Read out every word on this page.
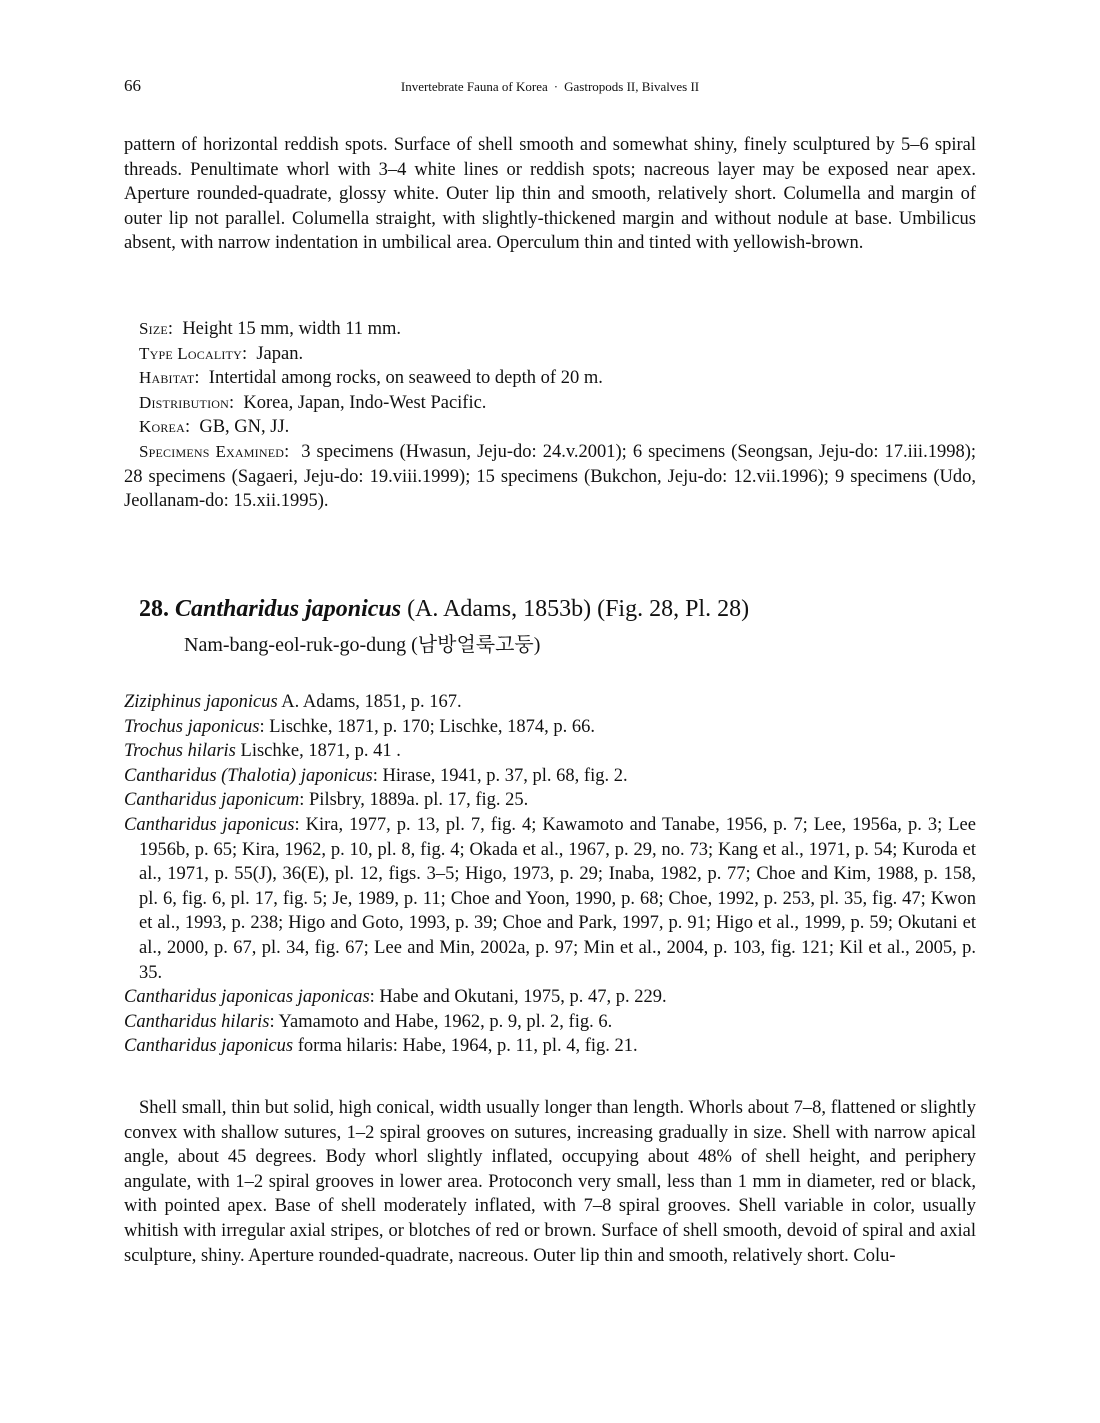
66	Invertebrate Fauna of Korea · Gastropods II, Bivalves II

pattern of horizontal reddish spots. Surface of shell smooth and somewhat shiny, finely sculptured by 5–6 spiral threads. Penultimate whorl with 3–4 white lines or reddish spots; nacreous layer may be exposed near apex. Aperture rounded-quadrate, glossy white. Outer lip thin and smooth, relatively short. Columella and margin of outer lip not parallel. Columella straight, with slightly-thickened margin and without nodule at base. Umbilicus absent, with narrow indentation in umbilical area. Operculum thin and tinted with yellowish-brown.

Size:  Height 15 mm, width 11 mm.

Type Locality:  Japan.

Habitat:  Intertidal among rocks, on seaweed to depth of 20 m.

Distribution:  Korea, Japan, Indo-West Pacific.

Korea:  GB, GN, JJ.

Specimens Examined:  3 specimens (Hwasun, Jeju-do: 24.v.2001); 6 specimens (Seongsan, Jeju-do: 17.iii.1998); 28 specimens (Sagaeri, Jeju-do: 19.viii.1999); 15 specimens (Bukchon, Jeju-do: 12.vii.1996); 9 specimens (Udo, Jeollanam-do: 15.xii.1995).

28. Cantharidus japonicus (A. Adams, 1853b) (Fig. 28, Pl. 28)
Nam-bang-eol-ruk-go-dung (남방얼룩고둥)
Ziziphinus japonicus A. Adams, 1851, p. 167.
Trochus japonicus: Lischke, 1871, p. 170; Lischke, 1874, p. 66.
Trochus hilaris Lischke, 1871, p. 41 .
Cantharidus (Thalotia) japonicus: Hirase, 1941, p. 37, pl. 68, fig. 2.
Cantharidus japonicum: Pilsbry, 1889a. pl. 17, fig. 25.
Cantharidus japonicus: Kira, 1977, p. 13, pl. 7, fig. 4; Kawamoto and Tanabe, 1956, p. 7; Lee, 1956a, p. 3; Lee 1956b, p. 65; Kira, 1962, p. 10, pl. 8, fig. 4; Okada et al., 1967, p. 29, no. 73; Kang et al., 1971, p. 54; Kuroda et al., 1971, p. 55(J), 36(E), pl. 12, figs. 3–5; Higo, 1973, p. 29; Inaba, 1982, p. 77; Choe and Kim, 1988, p. 158, pl. 6, fig. 6, pl. 17, fig. 5; Je, 1989, p. 11; Choe and Yoon, 1990, p. 68; Choe, 1992, p. 253, pl. 35, fig. 47; Kwon et al., 1993, p. 238; Higo and Goto, 1993, p. 39; Choe and Park, 1997, p. 91; Higo et al., 1999, p. 59; Okutani et al., 2000, p. 67, pl. 34, fig. 67; Lee and Min, 2002a, p. 97; Min et al., 2004, p. 103, fig. 121; Kil et al., 2005, p. 35.
Cantharidus japonicas japonicas: Habe and Okutani, 1975, p. 47, p. 229.
Cantharidus hilaris: Yamamoto and Habe, 1962, p. 9, pl. 2, fig. 6.
Cantharidus japonicus forma hilaris: Habe, 1964, p. 11, pl. 4, fig. 21.

Shell small, thin but solid, high conical, width usually longer than length. Whorls about 7–8, flattened or slightly convex with shallow sutures, 1–2 spiral grooves on sutures, increasing gradually in size. Shell with narrow apical angle, about 45 degrees. Body whorl slightly inflated, occupying about 48% of shell height, and periphery angulate, with 1–2 spiral grooves in lower area. Protoconch very small, less than 1 mm in diameter, red or black, with pointed apex. Base of shell moderately inflated, with 7–8 spiral grooves. Shell variable in color, usually whitish with irregular axial stripes, or blotches of red or brown. Surface of shell smooth, devoid of spiral and axial sculpture, shiny. Aperture rounded-quadrate, nacreous. Outer lip thin and smooth, relatively short. Colu-
